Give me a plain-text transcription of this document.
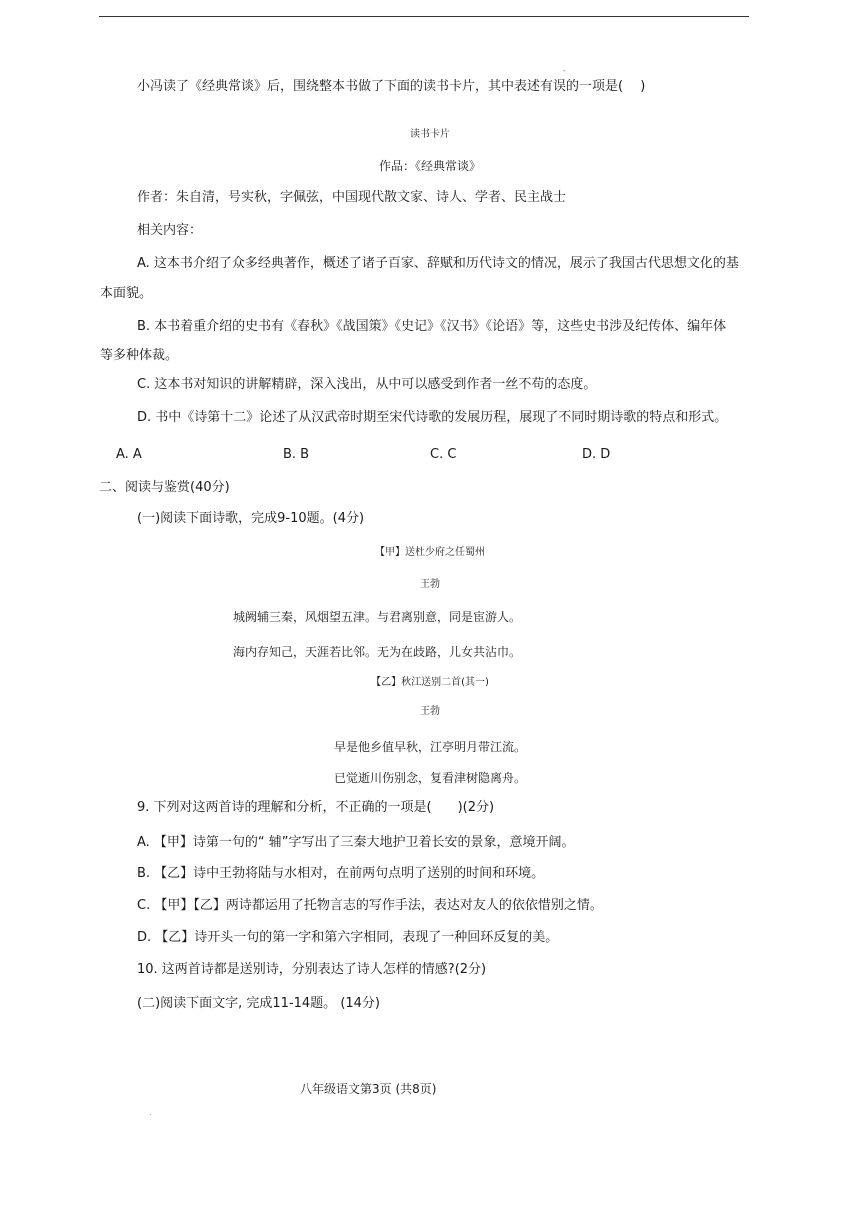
-
小冯读了《经典常谈》后，围绕整本书做了下面的读书卡片，其中表述有误的一项是(　 )
读书卡片
作品：《经典常谈》
作者：朱自清，号实秋，字佩弦，中国现代散文家、诗人、学者、民主战士
相关内容：
A. 这本书介绍了众多经典著作，概述了诸子百家、辞赋和历代诗文的情况，展示了我国古代思想文化的基
本面貌。
B. 本书着重介绍的史书有《春秋》《战国策》《史记》《汉书》《论语》等，这些史书涉及纪传体、编年体
等多种体裁。
C. 这本书对知识的讲解精辟，深入浅出，从中可以感受到作者一丝不苟的态度。
D. 书中《诗第十二》论述了从汉武帝时期至宋代诗歌的发展历程，展现了不同时期诗歌的特点和形式。
A. A	B. B	C. C	D. D
二、阅读与鉴赏(40分)
(一)阅读下面诗歌，完成9-10题。(4分)
【甲】送杜少府之任蜀州
王勃
城阙辅三秦，风烟望五津。与君离别意，同是宦游人。
海内存知己，天涯若比邻。无为在歧路，儿女共沾巾。
【乙】秋江送别二首(其一)
王勃
早是他乡值早秋，江亭明月带江流。
已觉逝川伤别念，复看津树隐离舟。
9. 下列对这两首诗的理解和分析，不正确的一项是(　　)(2分)
A. 【甲】诗第一句的“ 辅”字写出了三秦大地护卫着长安的景象，意境开阔。
B. 【乙】诗中王勃将陆与水相对，在前两句点明了送别的时间和环境。
C. 【甲】【乙】两诗都运用了托物言志的写作手法，表达对友人的依依惜别之情。
D. 【乙】诗开头一句的第一字和第六字相同，表现了一种回环反复的美。
10. 这两首诗都是送别诗，分别表达了诗人怎样的情感?(2分)
(二)阅读下面文字, 完成11-14题。 (14分)
八年级语文第3页 (共8页)
.
